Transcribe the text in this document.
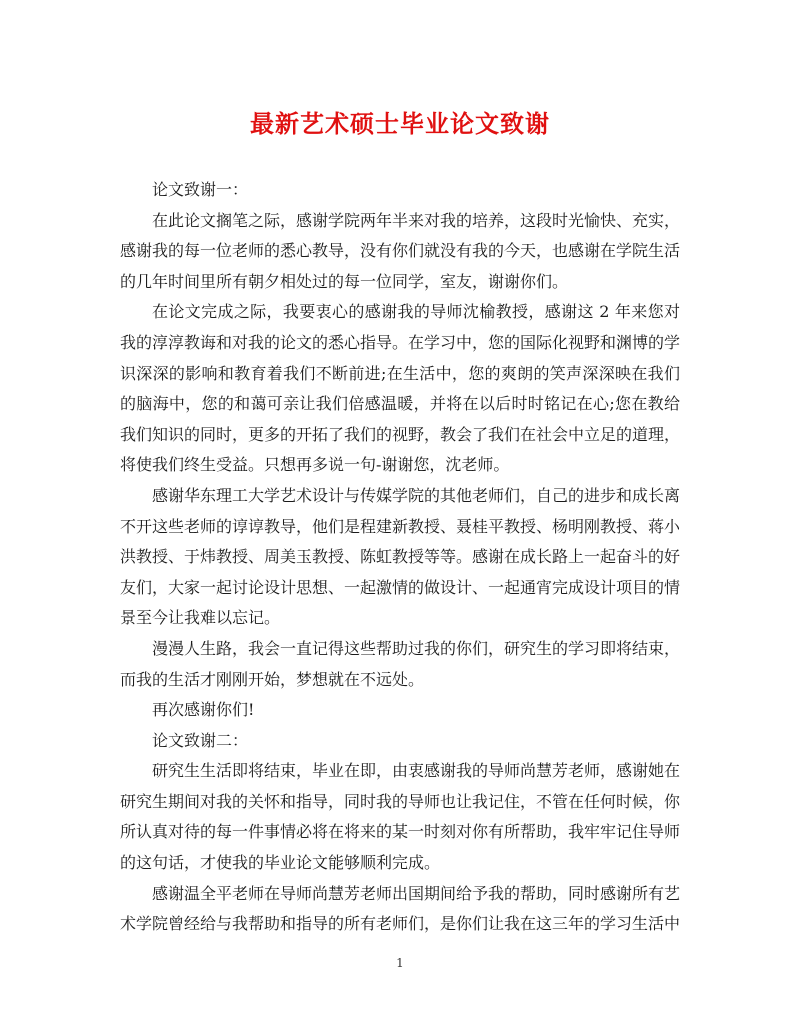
最新艺术硕士毕业论文致谢

论文致谢一：

在此论文搁笔之际，感谢学院两年半来对我的培养，这段时光愉快、充实，感谢我的每一位老师的悉心教导，没有你们就没有我的今天，也感谢在学院生活的几年时间里所有朝夕相处过的每一位同学，室友，谢谢你们。

在论文完成之际，我要衷心的感谢我的导师沈榆教授，感谢这 2 年来您对我的淳淳教诲和对我的论文的悉心指导。在学习中，您的国际化视野和渊博的学识深深的影响和教育着我们不断前进;在生活中，您的爽朗的笑声深深映在我们的脑海中，您的和蔼可亲让我们倍感温暖，并将在以后时时铭记在心;您在教给我们知识的同时，更多的开拓了我们的视野，教会了我们在社会中立足的道理，将使我们终生受益。只想再多说一句-谢谢您，沈老师。

感谢华东理工大学艺术设计与传媒学院的其他老师们，自己的进步和成长离不开这些老师的谆谆教导，他们是程建新教授、聂桂平教授、杨明刚教授、蒋小洪教授、于炜教授、周美玉教授、陈虹教授等等。感谢在成长路上一起奋斗的好友们，大家一起讨论设计思想、一起激情的做设计、一起通宵完成设计项目的情景至今让我难以忘记。

漫漫人生路，我会一直记得这些帮助过我的你们，研究生的学习即将结束，而我的生活才刚刚开始，梦想就在不远处。

再次感谢你们!

论文致谢二：

研究生生活即将结束，毕业在即，由衷感谢我的导师尚慧芳老师，感谢她在研究生期间对我的关怀和指导，同时我的导师也让我记住，不管在任何时候，你所认真对待的每一件事情必将在将来的某一时刻对你有所帮助，我牢牢记住导师的这句话，才使我的毕业论文能够顺利完成。

感谢温全平老师在导师尚慧芳老师出国期间给予我的帮助，同时感谢所有艺术学院曾经给与我帮助和指导的所有老师们，是你们让我在这三年的学习生活中

1
